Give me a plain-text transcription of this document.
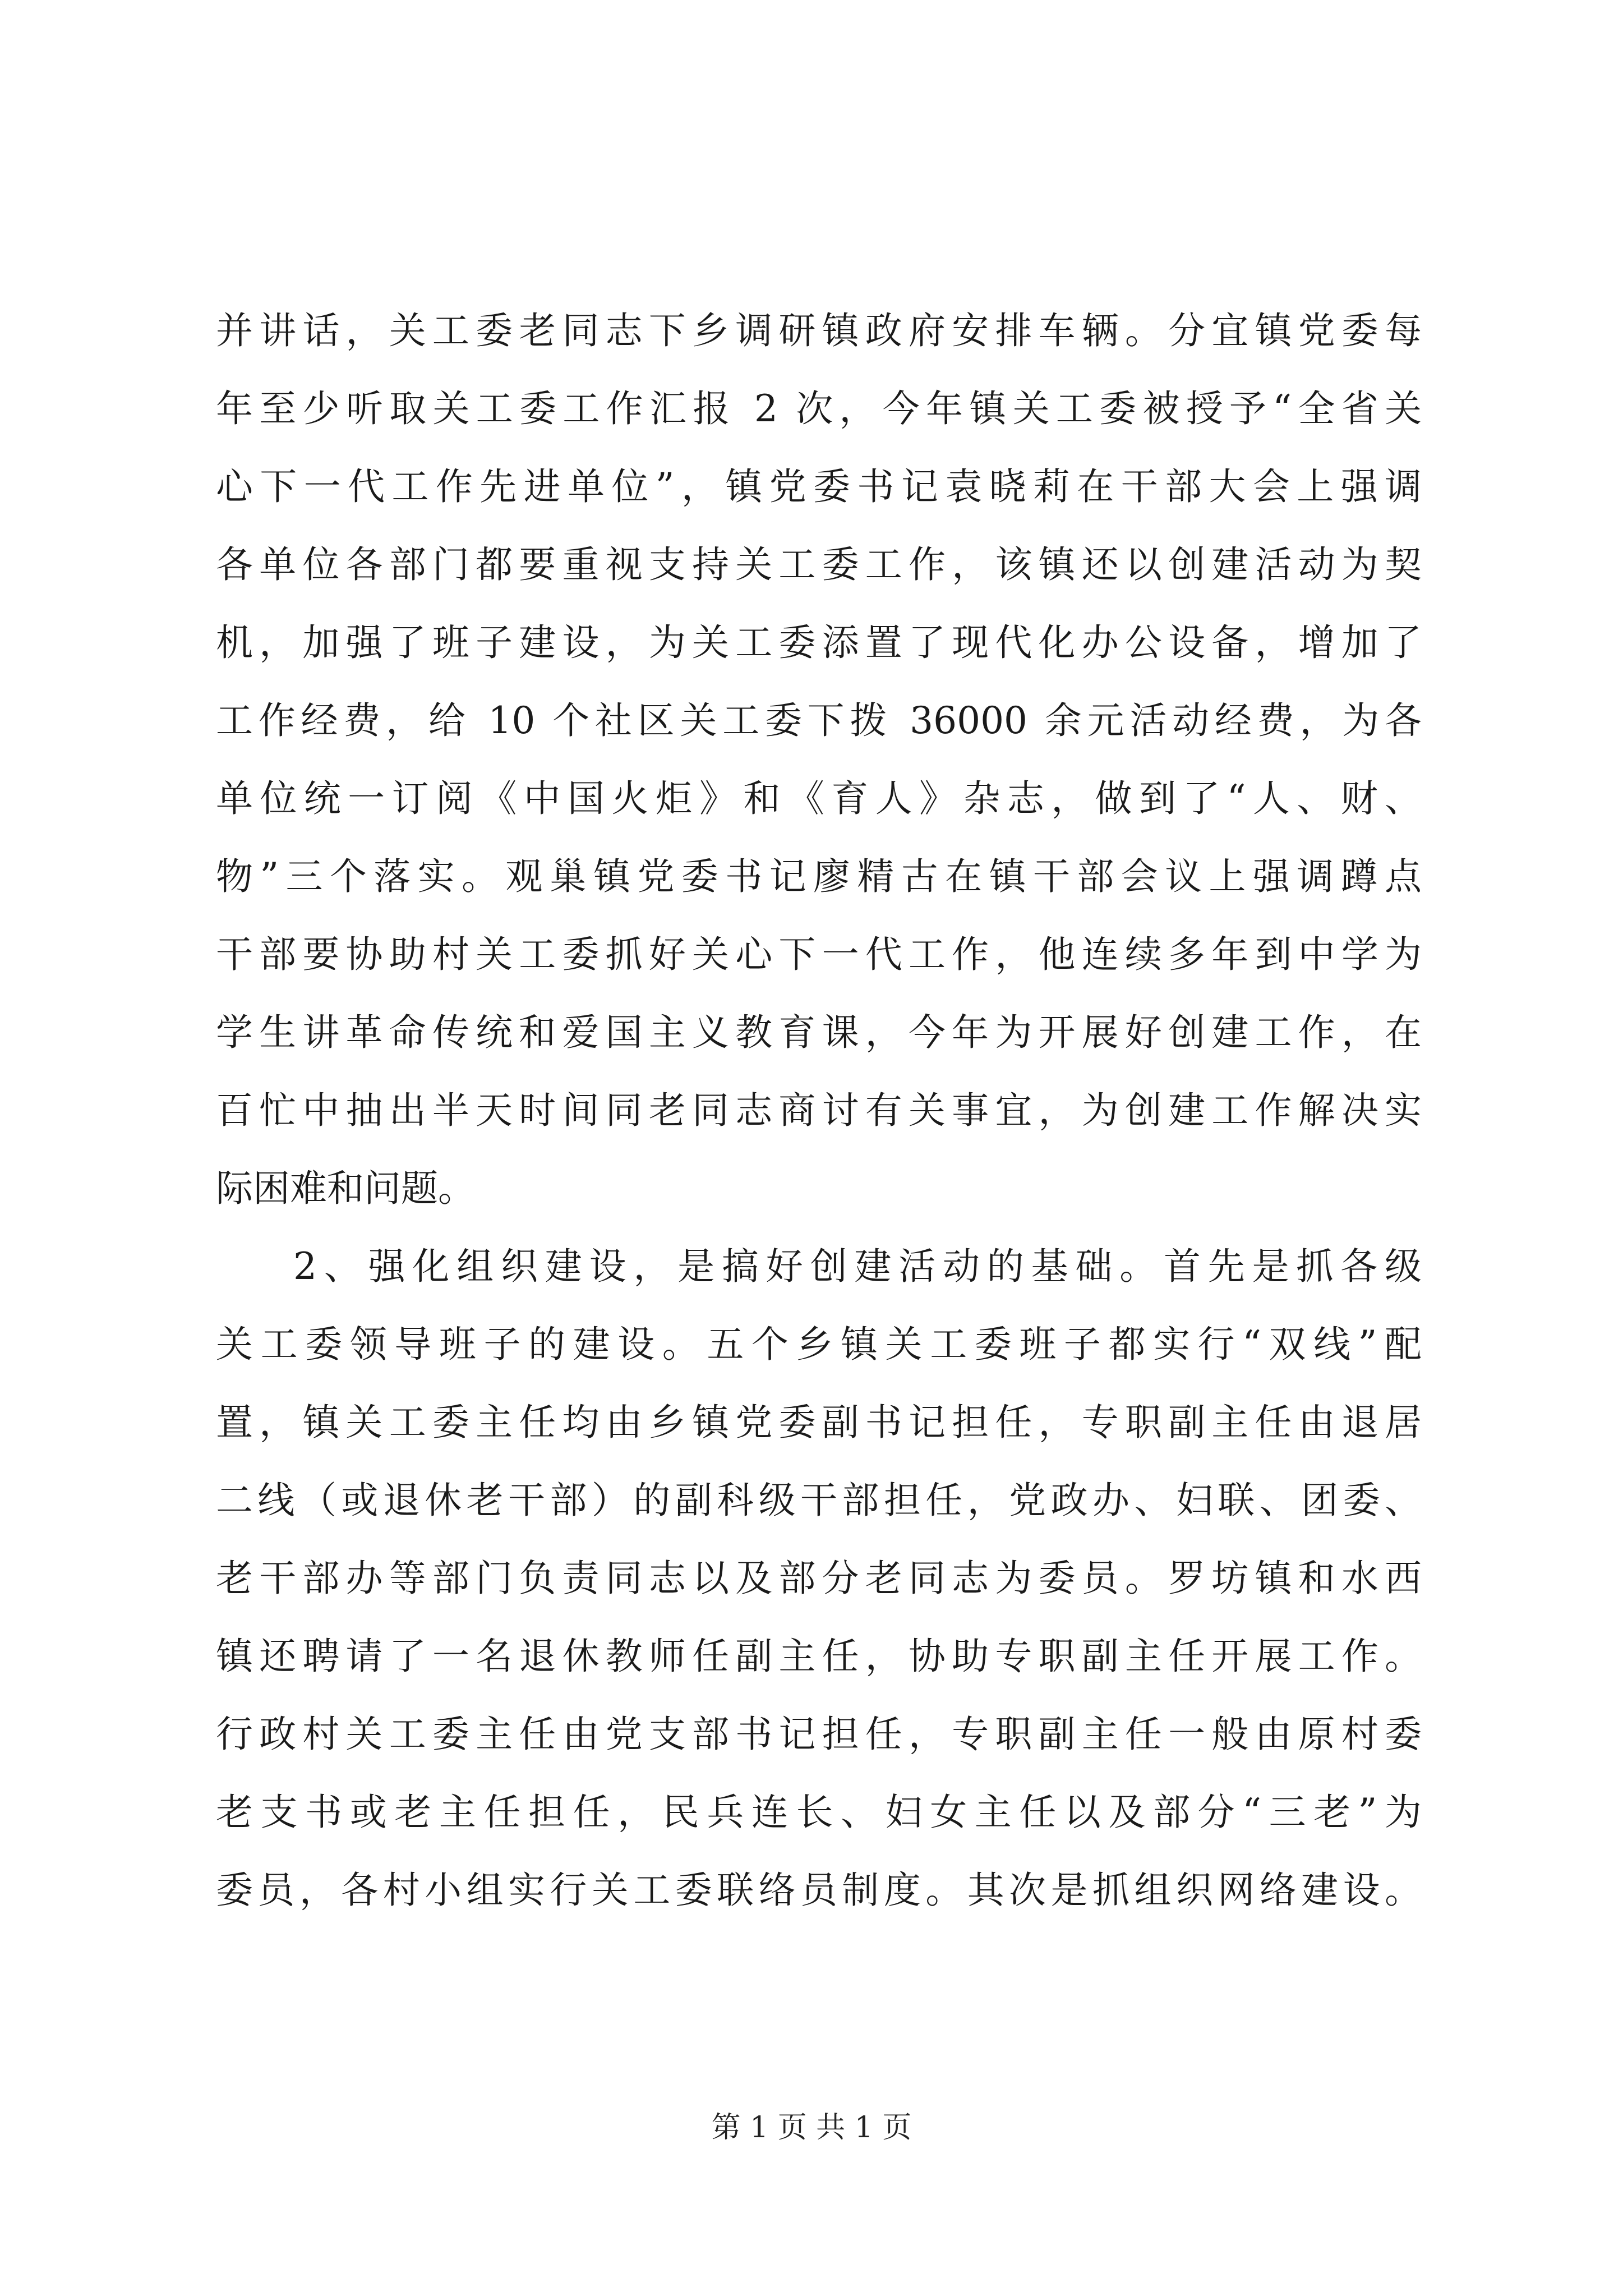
并讲话，关工委老同志下乡调研镇政府安排车辆。分宜镇党委每
年至少听取关工委工作汇报 2 次，今年镇关工委被授予“全省关
心下一代工作先进单位”，镇党委书记袁晓莉在干部大会上强调
各单位各部门都要重视支持关工委工作，该镇还以创建活动为契
机，加强了班子建设，为关工委添置了现代化办公设备，增加了
工作经费，给 10 个社区关工委下拨 36000 余元活动经费，为各
单位统一订阅《中国火炬》和《育人》杂志，做到了“人、财、
物”三个落实。观巢镇党委书记廖精古在镇干部会议上强调蹲点
干部要协助村关工委抓好关心下一代工作，他连续多年到中学为
学生讲革命传统和爱国主义教育课，今年为开展好创建工作，在
百忙中抽出半天时间同老同志商讨有关事宜，为创建工作解决实
际困难和问题。
2、强化组织建设，是搞好创建活动的基础。首先是抓各级
关工委领导班子的建设。五个乡镇关工委班子都实行“双线”配
置，镇关工委主任均由乡镇党委副书记担任，专职副主任由退居
二线（或退休老干部）的副科级干部担任，党政办、妇联、团委、
老干部办等部门负责同志以及部分老同志为委员。罗坊镇和水西
镇还聘请了一名退休教师任副主任，协助专职副主任开展工作。
行政村关工委主任由党支部书记担任，专职副主任一般由原村委
老支书或老主任担任，民兵连长、妇女主任以及部分“三老”为
委员，各村小组实行关工委联络员制度。其次是抓组织网络建设。
第 1 页 共 1 页
